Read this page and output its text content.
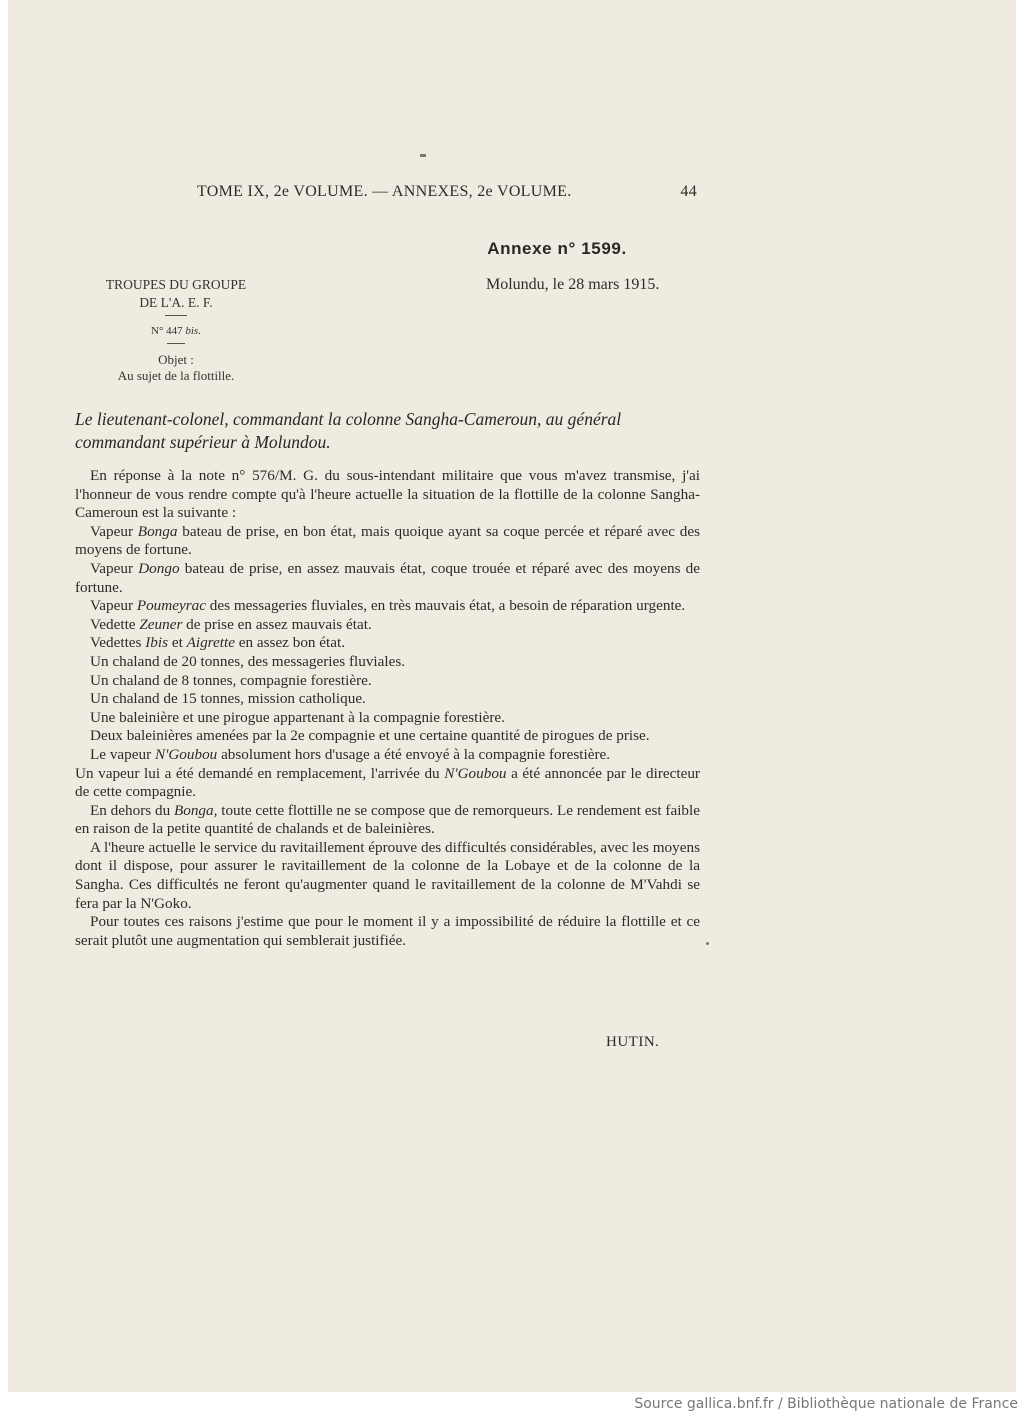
TOME IX, 2e VOLUME. — ANNEXES, 2e VOLUME.	44
Annexe n° 1599.
TROUPES DU GROUPE
DE L'A. E. F.
N° 447 bis.
Objet :
Au sujet de la flottille.
Molundu, le 28 mars 1915.
Le lieutenant-colonel, commandant la colonne Sangha-Cameroun, au général commandant supérieur à Molundou.

En réponse à la note n° 576/M. G. du sous-intendant militaire que vous m'avez transmise, j'ai l'honneur de vous rendre compte qu'à l'heure actuelle la situation de la flottille de la colonne Sangha-Cameroun est la suivante :

Vapeur Bonga bateau de prise, en bon état, mais quoique ayant sa coque percée et réparé avec des moyens de fortune.

Vapeur Dongo bateau de prise, en assez mauvais état, coque trouée et réparé avec des moyens de fortune.

Vapeur Poumeyrac des messageries fluviales, en très mauvais état, a besoin de réparation urgente.

Vedette Zeuner de prise en assez mauvais état.

Vedettes Ibis et Aigrette en assez bon état.

Un chaland de 20 tonnes, des messageries fluviales.

Un chaland de 8 tonnes, compagnie forestière.

Un chaland de 15 tonnes, mission catholique.

Une baleinière et une pirogue appartenant à la compagnie forestière.

Deux baleinières amenées par la 2e compagnie et une certaine quantité de pirogues de prise.

Le vapeur N'Goubou absolument hors d'usage a été envoyé à la compagnie forestière.

Un vapeur lui a été demandé en remplacement, l'arrivée du N'Goubou a été annoncée par le directeur de cette compagnie.

En dehors du Bonga, toute cette flottille ne se compose que de remorqueurs. Le rendement est faible en raison de la petite quantité de chalands et de baleinières.

A l'heure actuelle le service du ravitaillement éprouve des difficultés considérables, avec les moyens dont il dispose, pour assurer le ravitaillement de la colonne de la Lobaye et de la colonne de la Sangha. Ces difficultés ne feront qu'augmenter quand le ravitaillement de la colonne de M'Vahdi se fera par la N'Goko.

Pour toutes ces raisons j'estime que pour le moment il y a impossibilité de réduire la flottille et ce serait plutôt une augmentation qui semblerait justifiée.

HUTIN.
Source gallica.bnf.fr / Bibliothèque nationale de France
